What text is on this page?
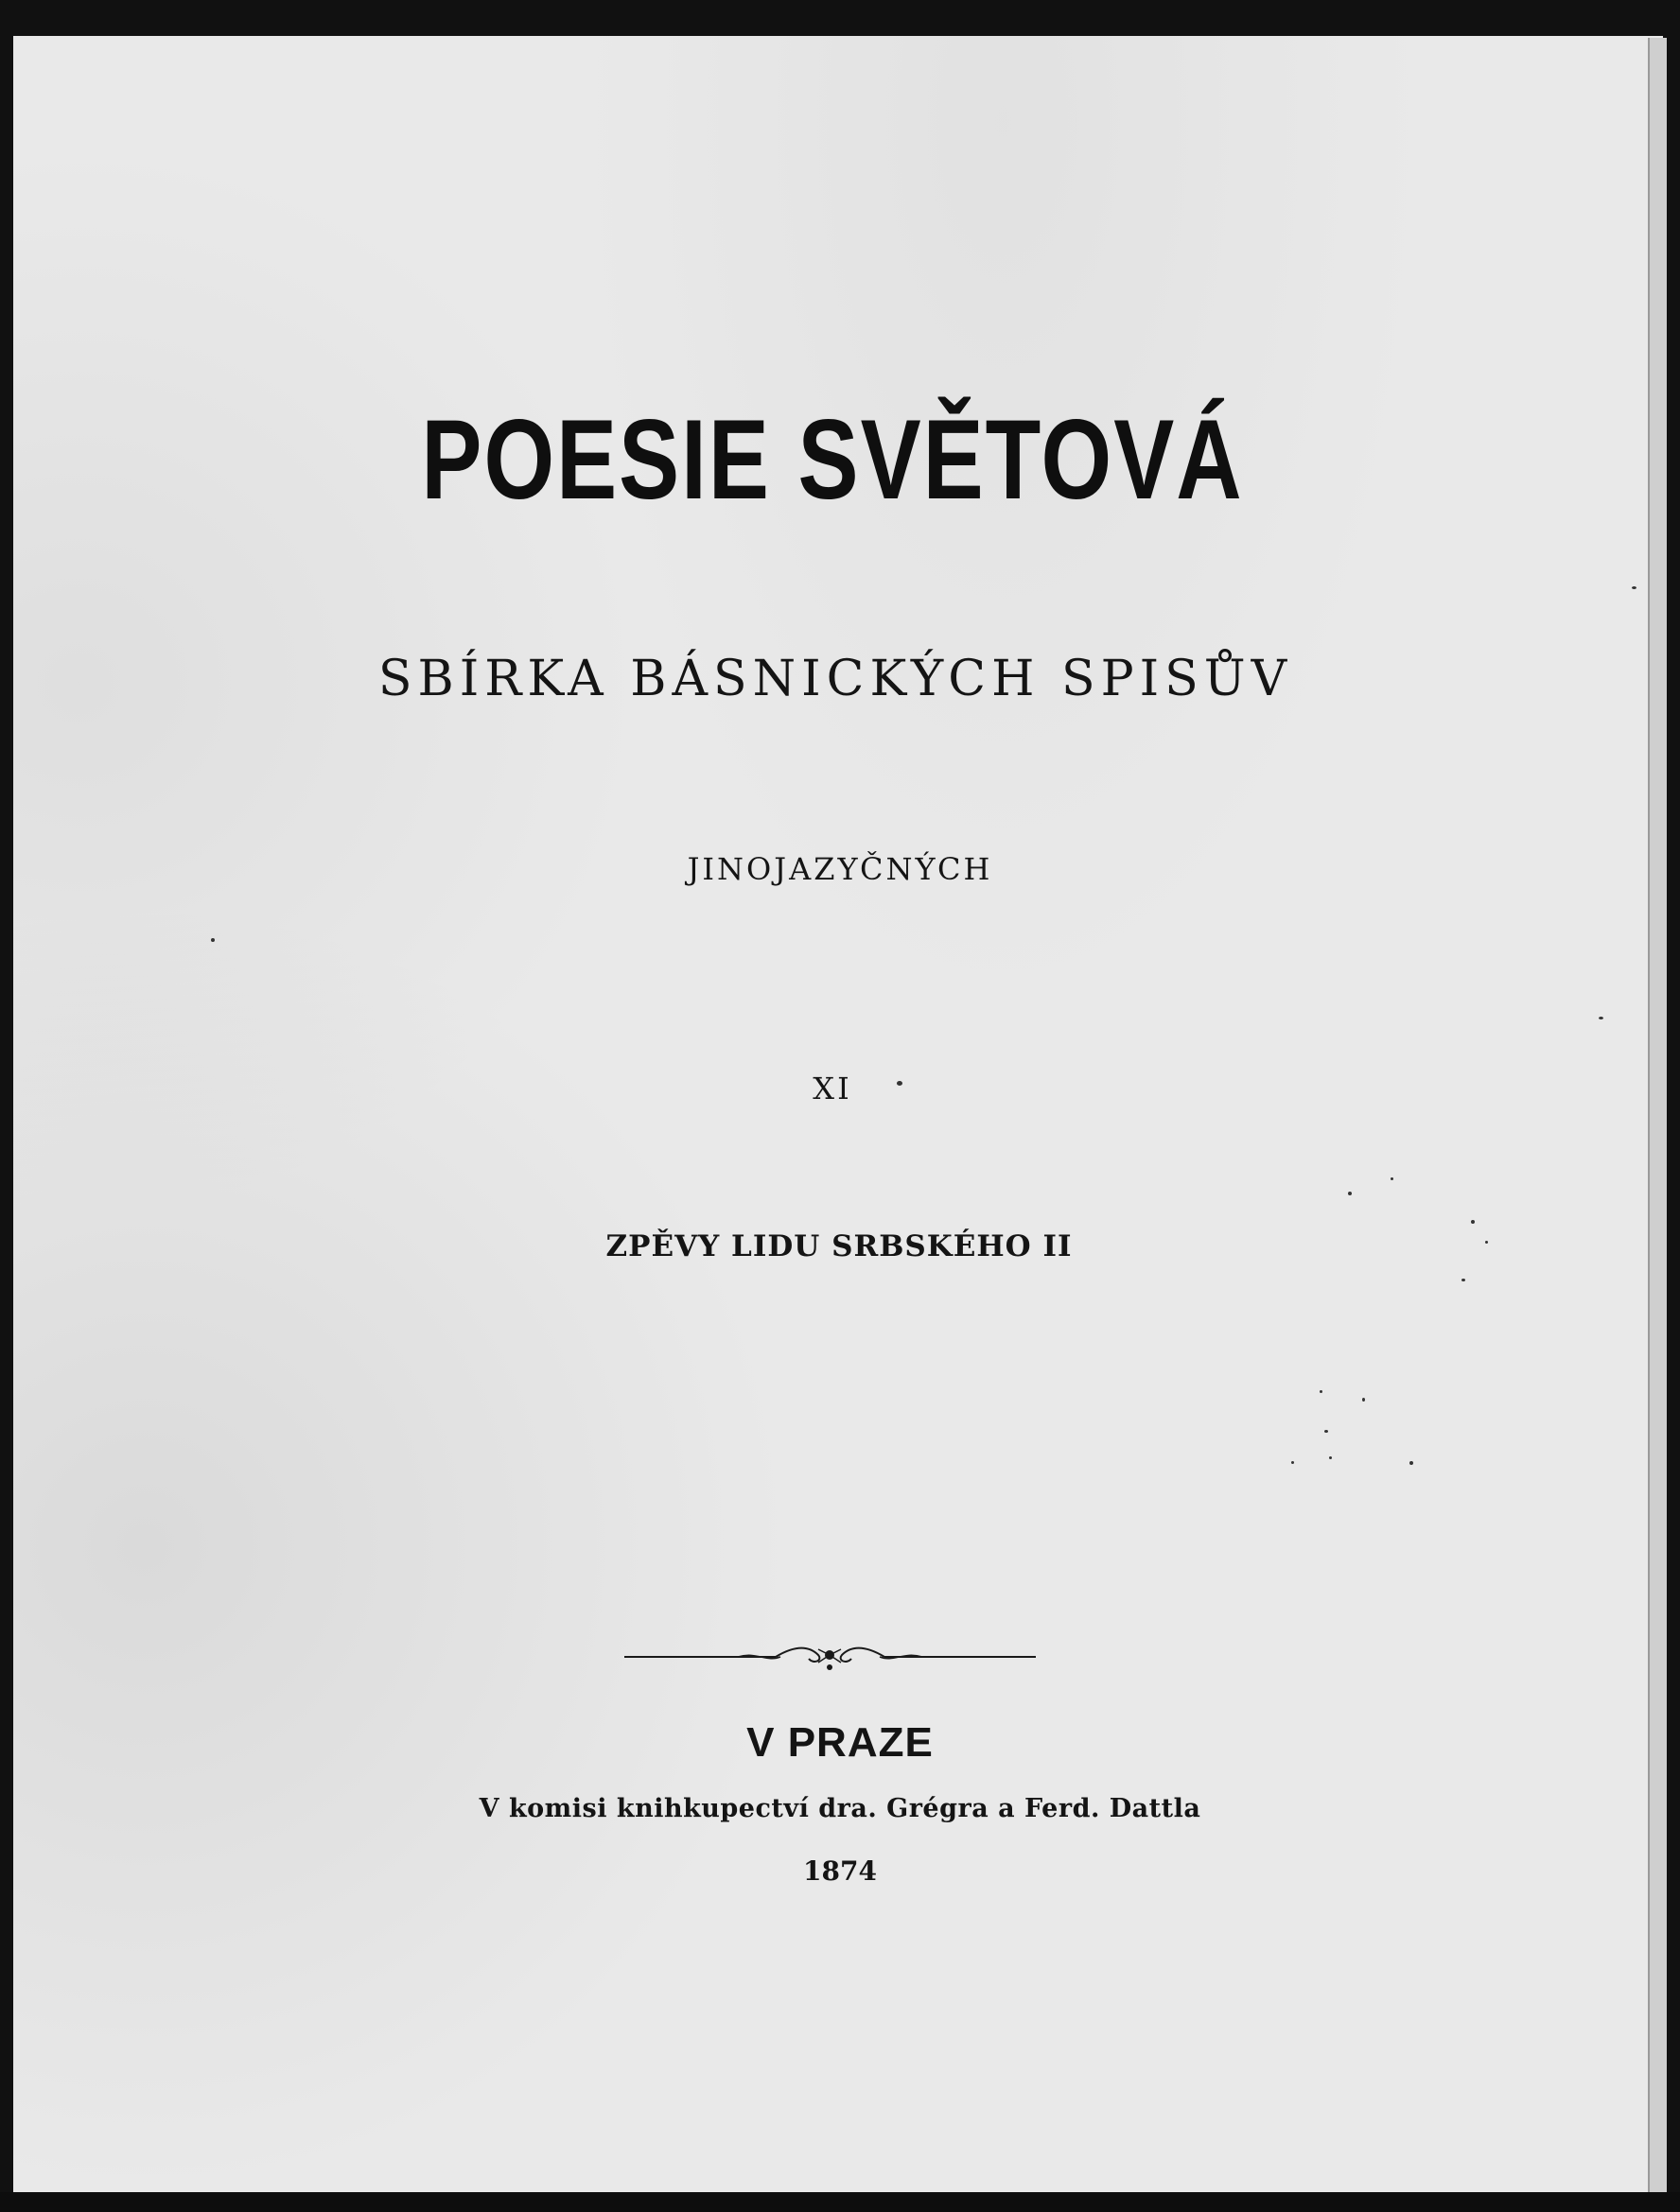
POESIE SVĚTOVÁ
SBÍRKA BÁSNICKÝCH SPISŮV
JINOJAZYČNÝCH
XI
ZPĚVY LIDU SRBSKÉHO II
V PRAZE
V komisi knihkupectví dra. Grégra a Ferd. Dattla
1874
